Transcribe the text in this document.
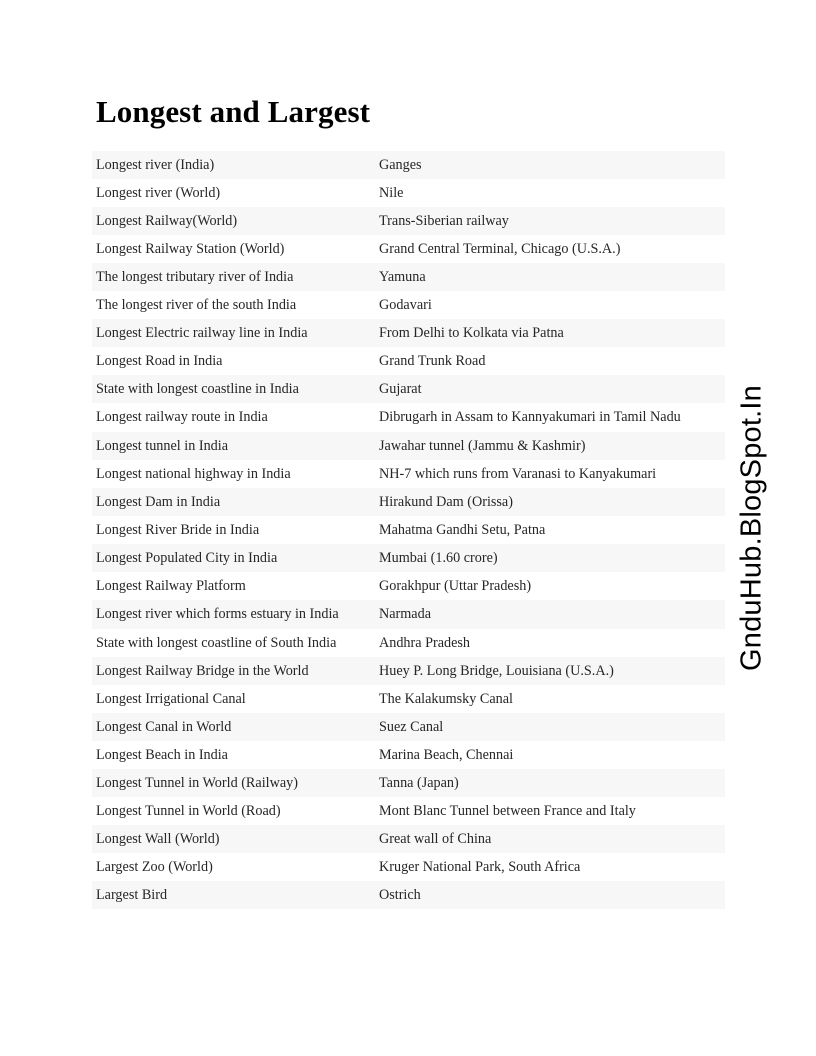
Longest and Largest
Longest river (India)	Ganges
Longest river (World)	Nile
Longest Railway(World)	Trans-Siberian railway
Longest Railway Station (World)	Grand Central Terminal, Chicago (U.S.A.)
The longest tributary river of India	Yamuna
The longest river of the south India	Godavari
Longest Electric railway line in India	From Delhi to Kolkata via Patna
Longest Road in India	Grand Trunk Road
State with longest coastline in India	Gujarat
Longest railway route in India	Dibrugarh in Assam to Kannyakumari in Tamil Nadu
Longest tunnel in India	Jawahar tunnel (Jammu & Kashmir)
Longest national highway in India	NH-7 which runs from Varanasi to Kanyakumari
Longest Dam in India	Hirakund Dam (Orissa)
Longest River Bride in India	Mahatma Gandhi Setu, Patna
Longest Populated City in India	Mumbai (1.60 crore)
Longest Railway Platform	Gorakhpur (Uttar Pradesh)
Longest river which forms estuary in India	Narmada
State with longest coastline of South India	Andhra Pradesh
Longest Railway Bridge in the World	Huey P. Long Bridge, Louisiana (U.S.A.)
Longest Irrigational Canal	The Kalakumsky Canal
Longest Canal in World	Suez Canal
Longest Beach in India	Marina Beach, Chennai
Longest Tunnel in World (Railway)	Tanna (Japan)
Longest Tunnel in World (Road)	Mont Blanc Tunnel between France and Italy
Longest Wall (World)	Great wall of China
Largest Zoo (World)	Kruger National Park, South Africa
Largest Bird	Ostrich
GnduHub.BlogSpot.In
